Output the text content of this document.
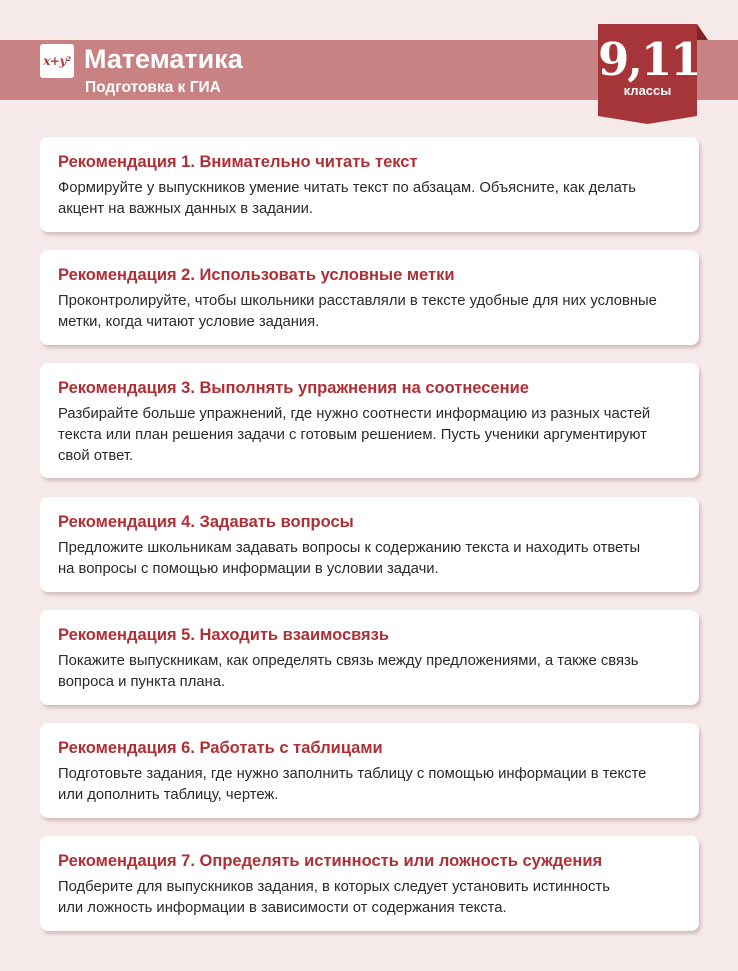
x+y² Математика
Подготовка к ГИА
9,11
классы
Рекомендация 1. Внимательно читать текст
Формируйте у выпускников умение читать текст по абзацам. Объясните, как делать
акцент на важных данных в задании.
Рекомендация 2. Использовать условные метки
Проконтролируйте, чтобы школьники расставляли в тексте удобные для них условные
метки, когда читают условие задания.
Рекомендация 3. Выполнять упражнения на соотнесение
Разбирайте больше упражнений, где нужно соотнести информацию из разных частей
текста или план решения задачи с готовым решением. Пусть ученики аргументируют
свой ответ.
Рекомендация 4. Задавать вопросы
Предложите школьникам задавать вопросы к содержанию текста и находить ответы
на вопросы с помощью информации в условии задачи.
Рекомендация 5. Находить взаимосвязь
Покажите выпускникам, как определять связь между предложениями, а также связь
вопроса и пункта плана.
Рекомендация 6. Работать с таблицами
Подготовьте задания, где нужно заполнить таблицу с помощью информации в тексте
или дополнить таблицу, чертеж.
Рекомендация 7. Определять истинность или ложность суждения
Подберите для выпускников задания, в которых следует установить истинность
или ложность информации в зависимости от содержания текста.
